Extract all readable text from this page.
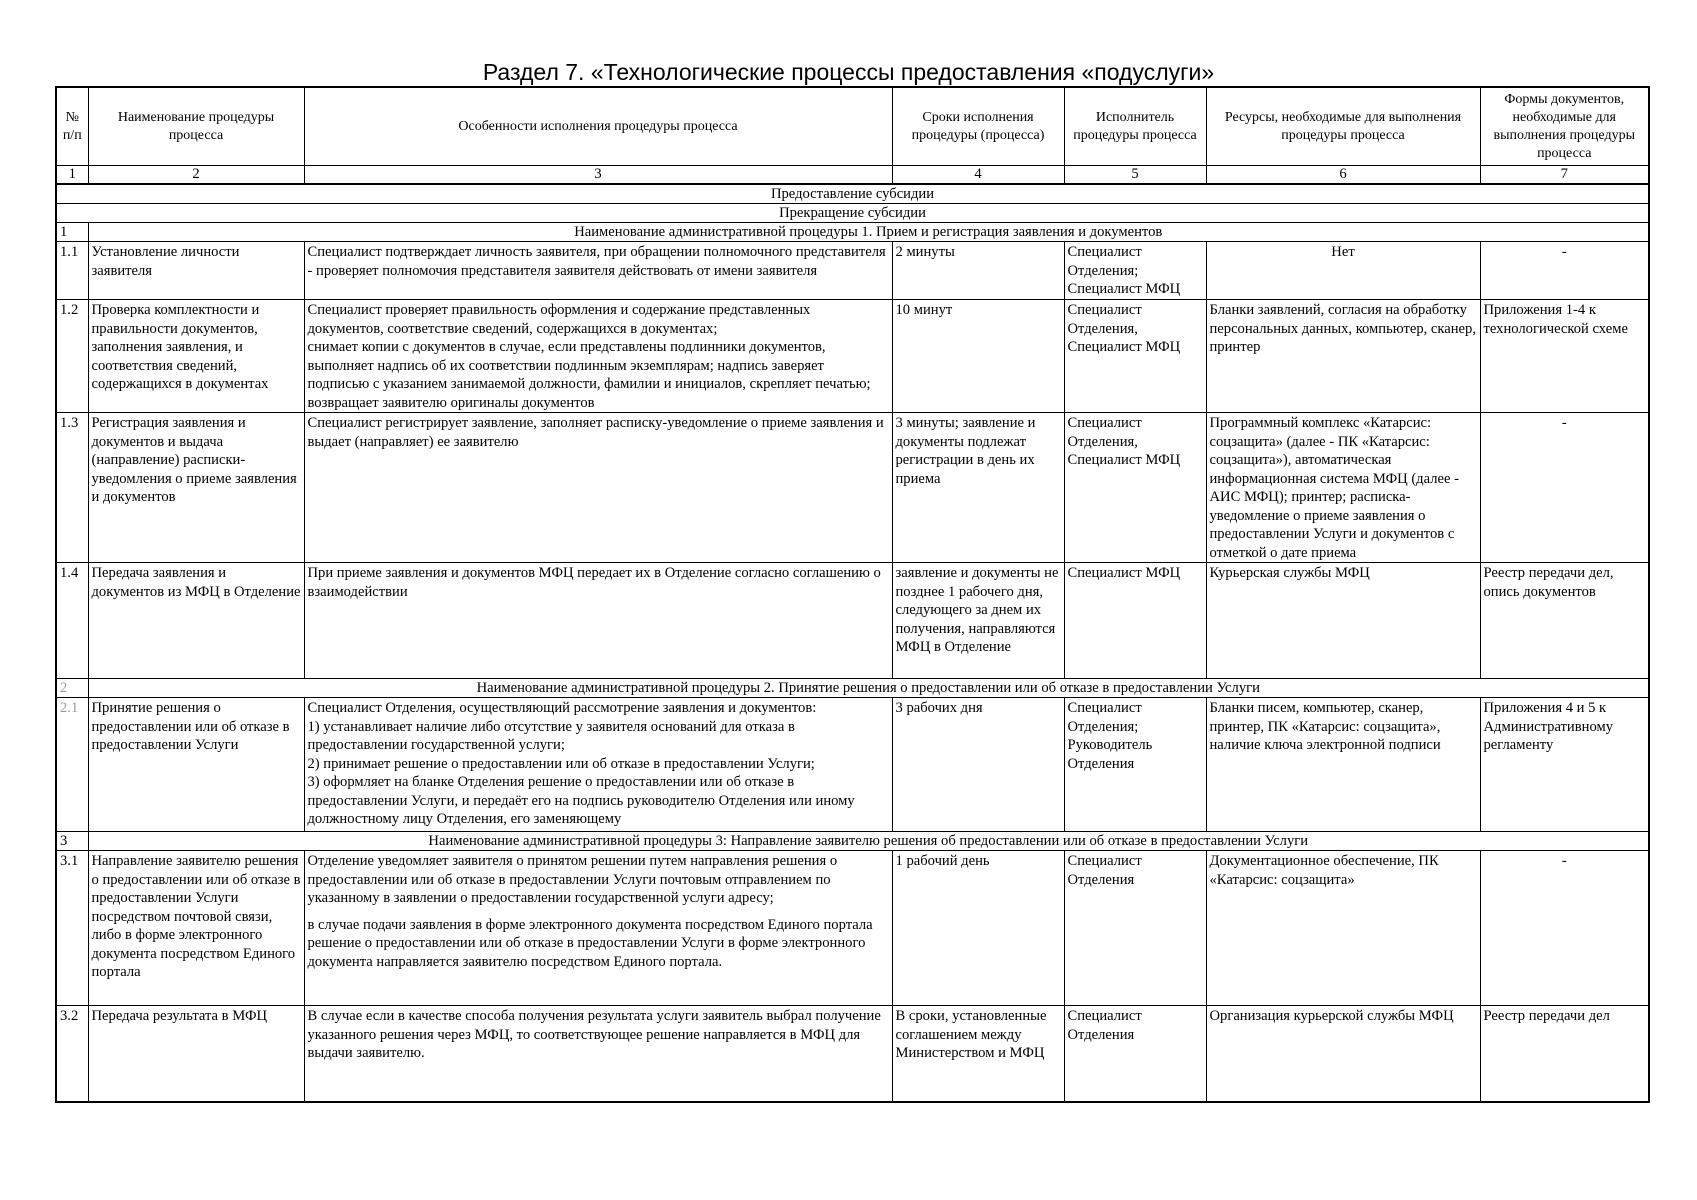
Раздел 7. «Технологические процессы предоставления «подуслуги»
№ п/п	Наименование процедуры процесса	Особенности исполнения процедуры процесса	Сроки исполнения процедуры (процесса)	Исполнитель процедуры процесса	Ресурсы, необходимые для выполнения процедуры процесса	Формы документов, необходимые для выполнения процедуры процесса
1	2	3	4	5	6	7
Предоставление субсидии						
Прекращение субсидии						
1	Наименование административной процедуры 1. Прием и регистрация заявления и документов					
1.1	Установление личности заявителя	Специалист подтверждает личность заявителя, при обращении полномочного представителя - проверяет полномочия представителя заявителя действовать от имени заявителя	2 минуты	Специалист Отделения; Специалист МФЦ	Нет	-
1.2	Проверка комплектности и правильности документов, заполнения заявления, и соответствия сведений, содержащихся в документах	Специалист проверяет правильность оформления и содержание представленных документов, соответствие сведений, содержащихся в документах;
снимает копии с документов в случае, если представлены подлинники документов, выполняет надпись об их соответствии подлинным экземплярам; надпись заверяет подписью с указанием занимаемой должности, фамилии и инициалов, скрепляет печатью; возвращает заявителю оригиналы документов	10 минут	Специалист Отделения, Специалист МФЦ	Бланки заявлений, согласия на обработку персональных данных, компьютер, сканер, принтер	Приложения 1-4 к технологической схеме
1.3	Регистрация заявления и документов и выдача (направление) расписки-уведомления о приеме заявления и документов	Специалист регистрирует заявление, заполняет расписку-уведомление о приеме заявления и выдает (направляет) ее заявителю	3 минуты; заявление и документы подлежат регистрации в день их приема	Специалист Отделения, Специалист МФЦ	Программный комплекс «Катарсис: соцзащита» (далее - ПК «Катарсис: соцзащита»), автоматическая информационная система МФЦ (далее - АИС МФЦ); принтер; расписка-уведомление о приеме заявления о предоставлении Услуги и документов с отметкой о дате приема	-
1.4	Передача заявления и документов из МФЦ в Отделение	При приеме заявления и документов МФЦ передает их в Отделение согласно соглашению о взаимодействии	заявление и документы не позднее 1 рабочего дня, следующего за днем их получения, направляются МФЦ в Отделение	Специалист МФЦ	Курьерская службы МФЦ	Реестр передачи дел, опись документов
2	Наименование административной процедуры 2. Принятие решения о предоставлении или об отказе в предоставлении Услуги					
2.1	Принятие решения о предоставлении или об отказе в предоставлении Услуги	Специалист Отделения, осуществляющий рассмотрение заявления и документов:
1) устанавливает наличие либо отсутствие у заявителя оснований для отказа в предоставлении государственной услуги;
2) принимает решение о предоставлении или об отказе в предоставлении Услуги;
3) оформляет на бланке Отделения решение о предоставлении или об отказе в предоставлении Услуги, и передаёт его на подпись руководителю Отделения или иному должностному лицу Отделения, его заменяющему	3 рабочих дня	Специалист Отделения; Руководитель Отделения	Бланки писем, компьютер, сканер, принтер, ПК «Катарсис: соцзащита», наличие ключа электронной подписи	Приложения 4 и 5 к Административному регламенту
3	Наименование административной процедуры 3: Направление заявителю решения об предоставлении или об отказе в предоставлении Услуги					
3.1	Направление заявителю решения о предоставлении или об отказе в предоставлении Услуги посредством почтовой связи, либо в форме электронного документа посредством Единого портала	Отделение уведомляет заявителя о принятом решении путем направления решения о предоставлении или об отказе в предоставлении Услуги почтовым отправлением по указанному в заявлении о предоставлении государственной услуги адресу;
в случае подачи заявления в форме электронного документа посредством Единого портала решение о предоставлении или об отказе в предоставлении Услуги в форме электронного документа направляется заявителю посредством Единого портала.	1 рабочий день	Специалист Отделения	Документационное обеспечение, ПК «Катарсис: соцзащита»	-
3.2	Передача результата в МФЦ	В случае если в качестве способа получения результата услуги заявитель выбрал получение указанного решения через МФЦ, то соответствующее решение направляется в МФЦ для выдачи заявителю.	В сроки, установленные соглашением между Министерством и МФЦ	Специалист Отделения	Организация курьерской службы МФЦ	Реестр передачи дел
